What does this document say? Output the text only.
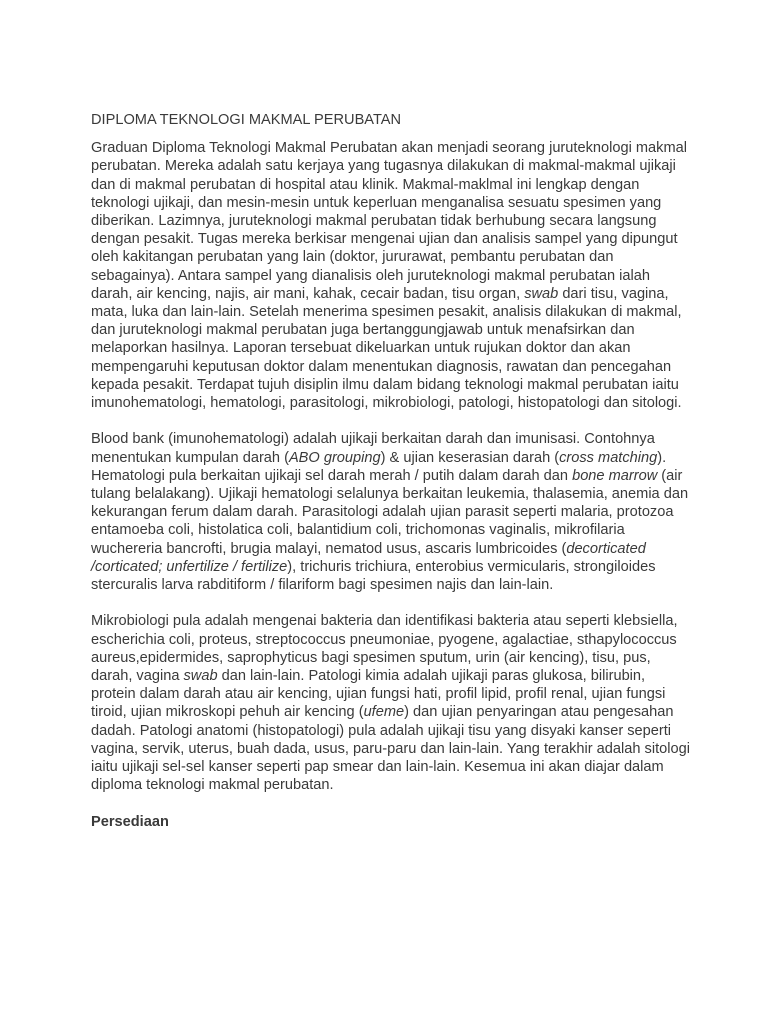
DIPLOMA TEKNOLOGI MAKMAL PERUBATAN

Graduan Diploma Teknologi Makmal Perubatan akan menjadi seorang juruteknologi makmal perubatan. Mereka adalah satu kerjaya yang tugasnya dilakukan di makmal-makmal ujikaji dan di makmal perubatan di hospital atau klinik. Makmal-maklmal ini lengkap dengan teknologi ujikaji, dan mesin-mesin untuk keperluan menganalisa sesuatu spesimen yang diberikan. Lazimnya, juruteknologi makmal perubatan tidak berhubung secara langsung dengan pesakit. Tugas mereka berkisar mengenai ujian dan analisis sampel yang dipungut oleh kakitangan perubatan yang lain (doktor, jururawat, pembantu perubatan dan sebagainya). Antara sampel yang dianalisis oleh juruteknologi makmal perubatan ialah darah, air kencing, najis, air mani, kahak, cecair badan, tisu organ, swab dari tisu, vagina, mata, luka dan lain-lain. Setelah menerima spesimen pesakit, analisis dilakukan di makmal, dan juruteknologi makmal perubatan juga bertanggungjawab untuk menafsirkan dan melaporkan hasilnya. Laporan tersebuat dikeluarkan untuk rujukan doktor dan akan mempengaruhi keputusan doktor dalam menentukan diagnosis, rawatan dan pencegahan kepada pesakit. Terdapat tujuh disiplin ilmu dalam bidang teknologi makmal perubatan iaitu imunohematologi, hematologi, parasitologi, mikrobiologi, patologi, histopatologi dan sitologi.

Blood bank (imunohematologi) adalah ujikaji berkaitan darah dan imunisasi. Contohnya menentukan kumpulan darah (ABO grouping) & ujian keserasian darah (cross matching). Hematologi pula berkaitan ujikaji sel darah merah / putih dalam darah dan bone marrow (air tulang belalakang). Ujikaji hematologi selalunya berkaitan leukemia, thalasemia, anemia dan kekurangan ferum dalam darah. Parasitologi adalah ujian parasit seperti malaria, protozoa entamoeba coli, histolatica coli, balantidium coli, trichomonas vaginalis, mikrofilaria wuchereria bancrofti, brugia malayi, nematod usus, ascaris lumbricoides (decorticated /corticated; unfertilize / fertilize), trichuris trichiura, enterobius vermicularis, strongiloides stercuralis larva rabditiform / filariform bagi spesimen najis dan lain-lain.

Mikrobiologi pula adalah mengenai bakteria dan identifikasi bakteria atau seperti klebsiella, escherichia coli, proteus, streptococcus pneumoniae, pyogene, agalactiae, sthapylococcus aureus,epidermides, saprophyticus bagi spesimen sputum, urin (air kencing), tisu, pus, darah, vagina swab dan lain-lain. Patologi kimia adalah ujikaji paras glukosa, bilirubin, protein dalam darah atau air kencing, ujian fungsi hati, profil lipid, profil renal, ujian fungsi tiroid, ujian mikroskopi pehuh air kencing (ufeme) dan ujian penyaringan atau pengesahan dadah. Patologi anatomi (histopatologi) pula adalah ujikaji tisu yang disyaki kanser seperti vagina, servik, uterus, buah dada, usus, paru-paru dan lain-lain. Yang terakhir adalah sitologi iaitu ujikaji sel-sel kanser seperti pap smear dan lain-lain. Kesemua ini akan diajar dalam diploma teknologi makmal perubatan.

Persediaan
